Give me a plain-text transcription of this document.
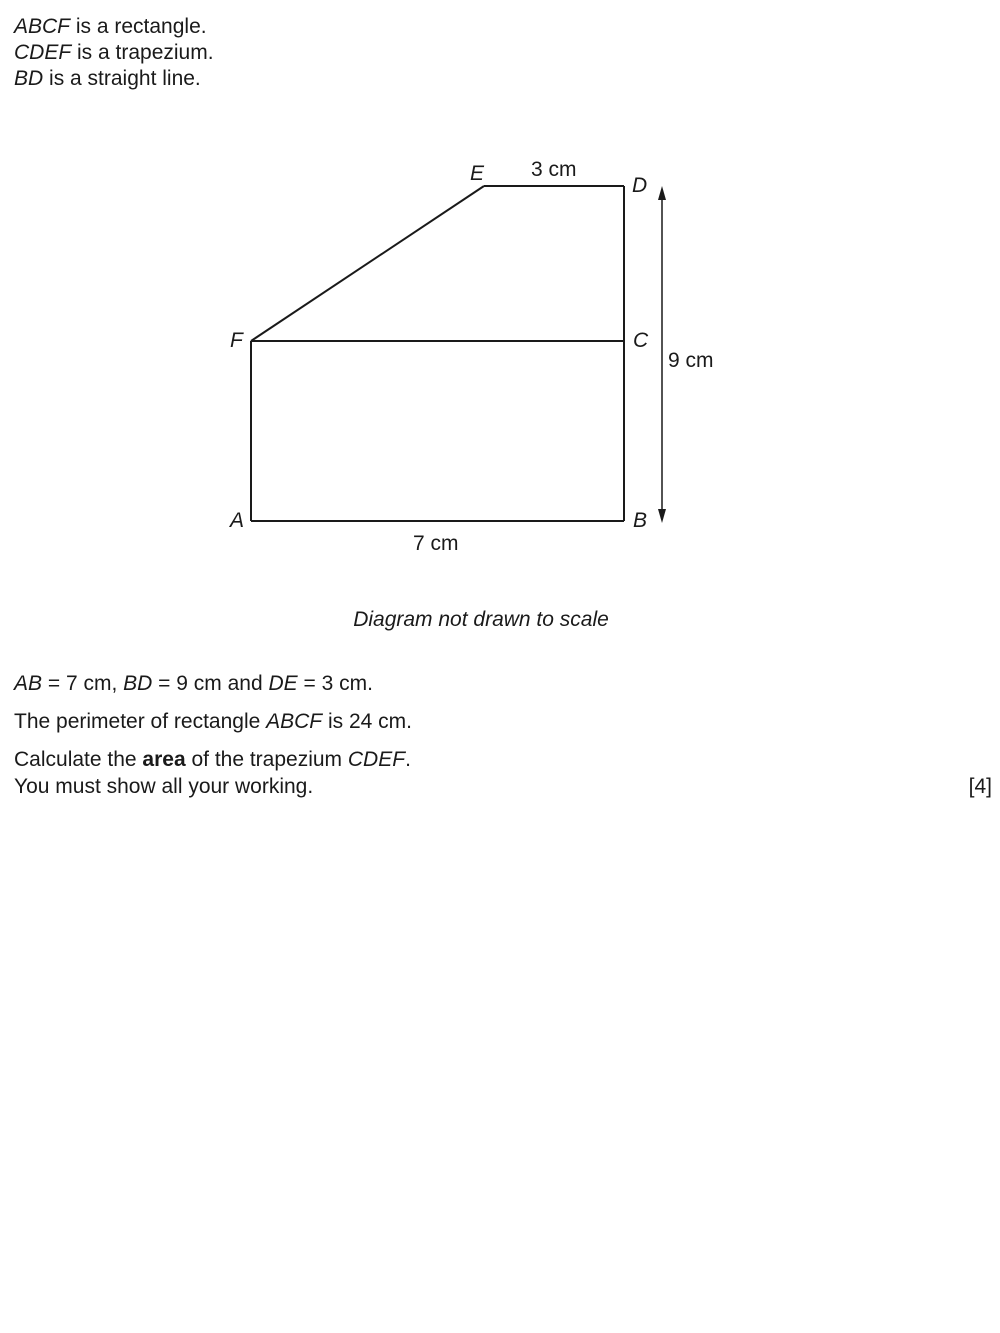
ABCF is a rectangle.
CDEF is a trapezium.
BD is a straight line.
E
D
F	C
A	B
3 cm
9 cm
7 cm
Diagram not drawn to scale
AB = 7 cm, BD = 9 cm and DE = 3 cm.
The perimeter of rectangle ABCF is 24 cm.
Calculate the area of the trapezium CDEF.
You must show all your working.	[4]
